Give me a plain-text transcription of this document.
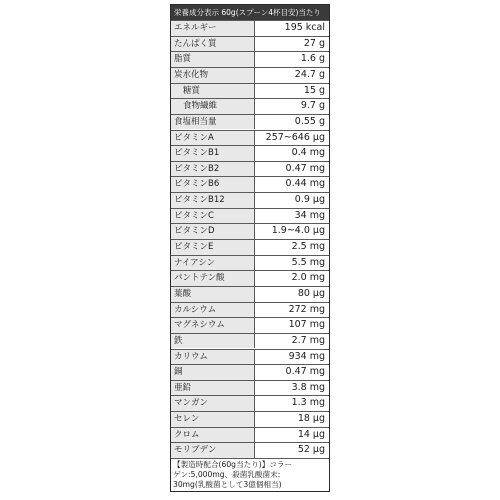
栄養成分表示 60g(スプーン4杯目安)当たり
エネルギー	195 kcal
たんぱく質	27 g
脂質	1.6 g
炭水化物	24.7 g
糖質	15 g
食物繊維	9.7 g
食塩相当量	0.55 g
ビタミンA	257~646 μg
ビタミンB1	0.4 mg
ビタミンB2	0.47 mg
ビタミンB6	0.44 mg
ビタミンB12	0.9 μg
ビタミンC	34 mg
ビタミンD	1.9~4.0 μg
ビタミンE	2.5 mg
ナイアシン	5.5 mg
パントテン酸	2.0 mg
葉酸	80 μg
カルシウム	272 mg
マグネシウム	107 mg
鉄	2.7 mg
カリウム	934 mg
銅	0.47 mg
亜鉛	3.8 mg
マンガン	1.3 mg
セレン	18 μg
クロム	14 μg
モリブデン	52 μg
【製造時配合(60g当たり)】コラー
ゲン:5,000mg、殺菌乳酸菌末:
30mg(乳酸菌として3億個相当)
